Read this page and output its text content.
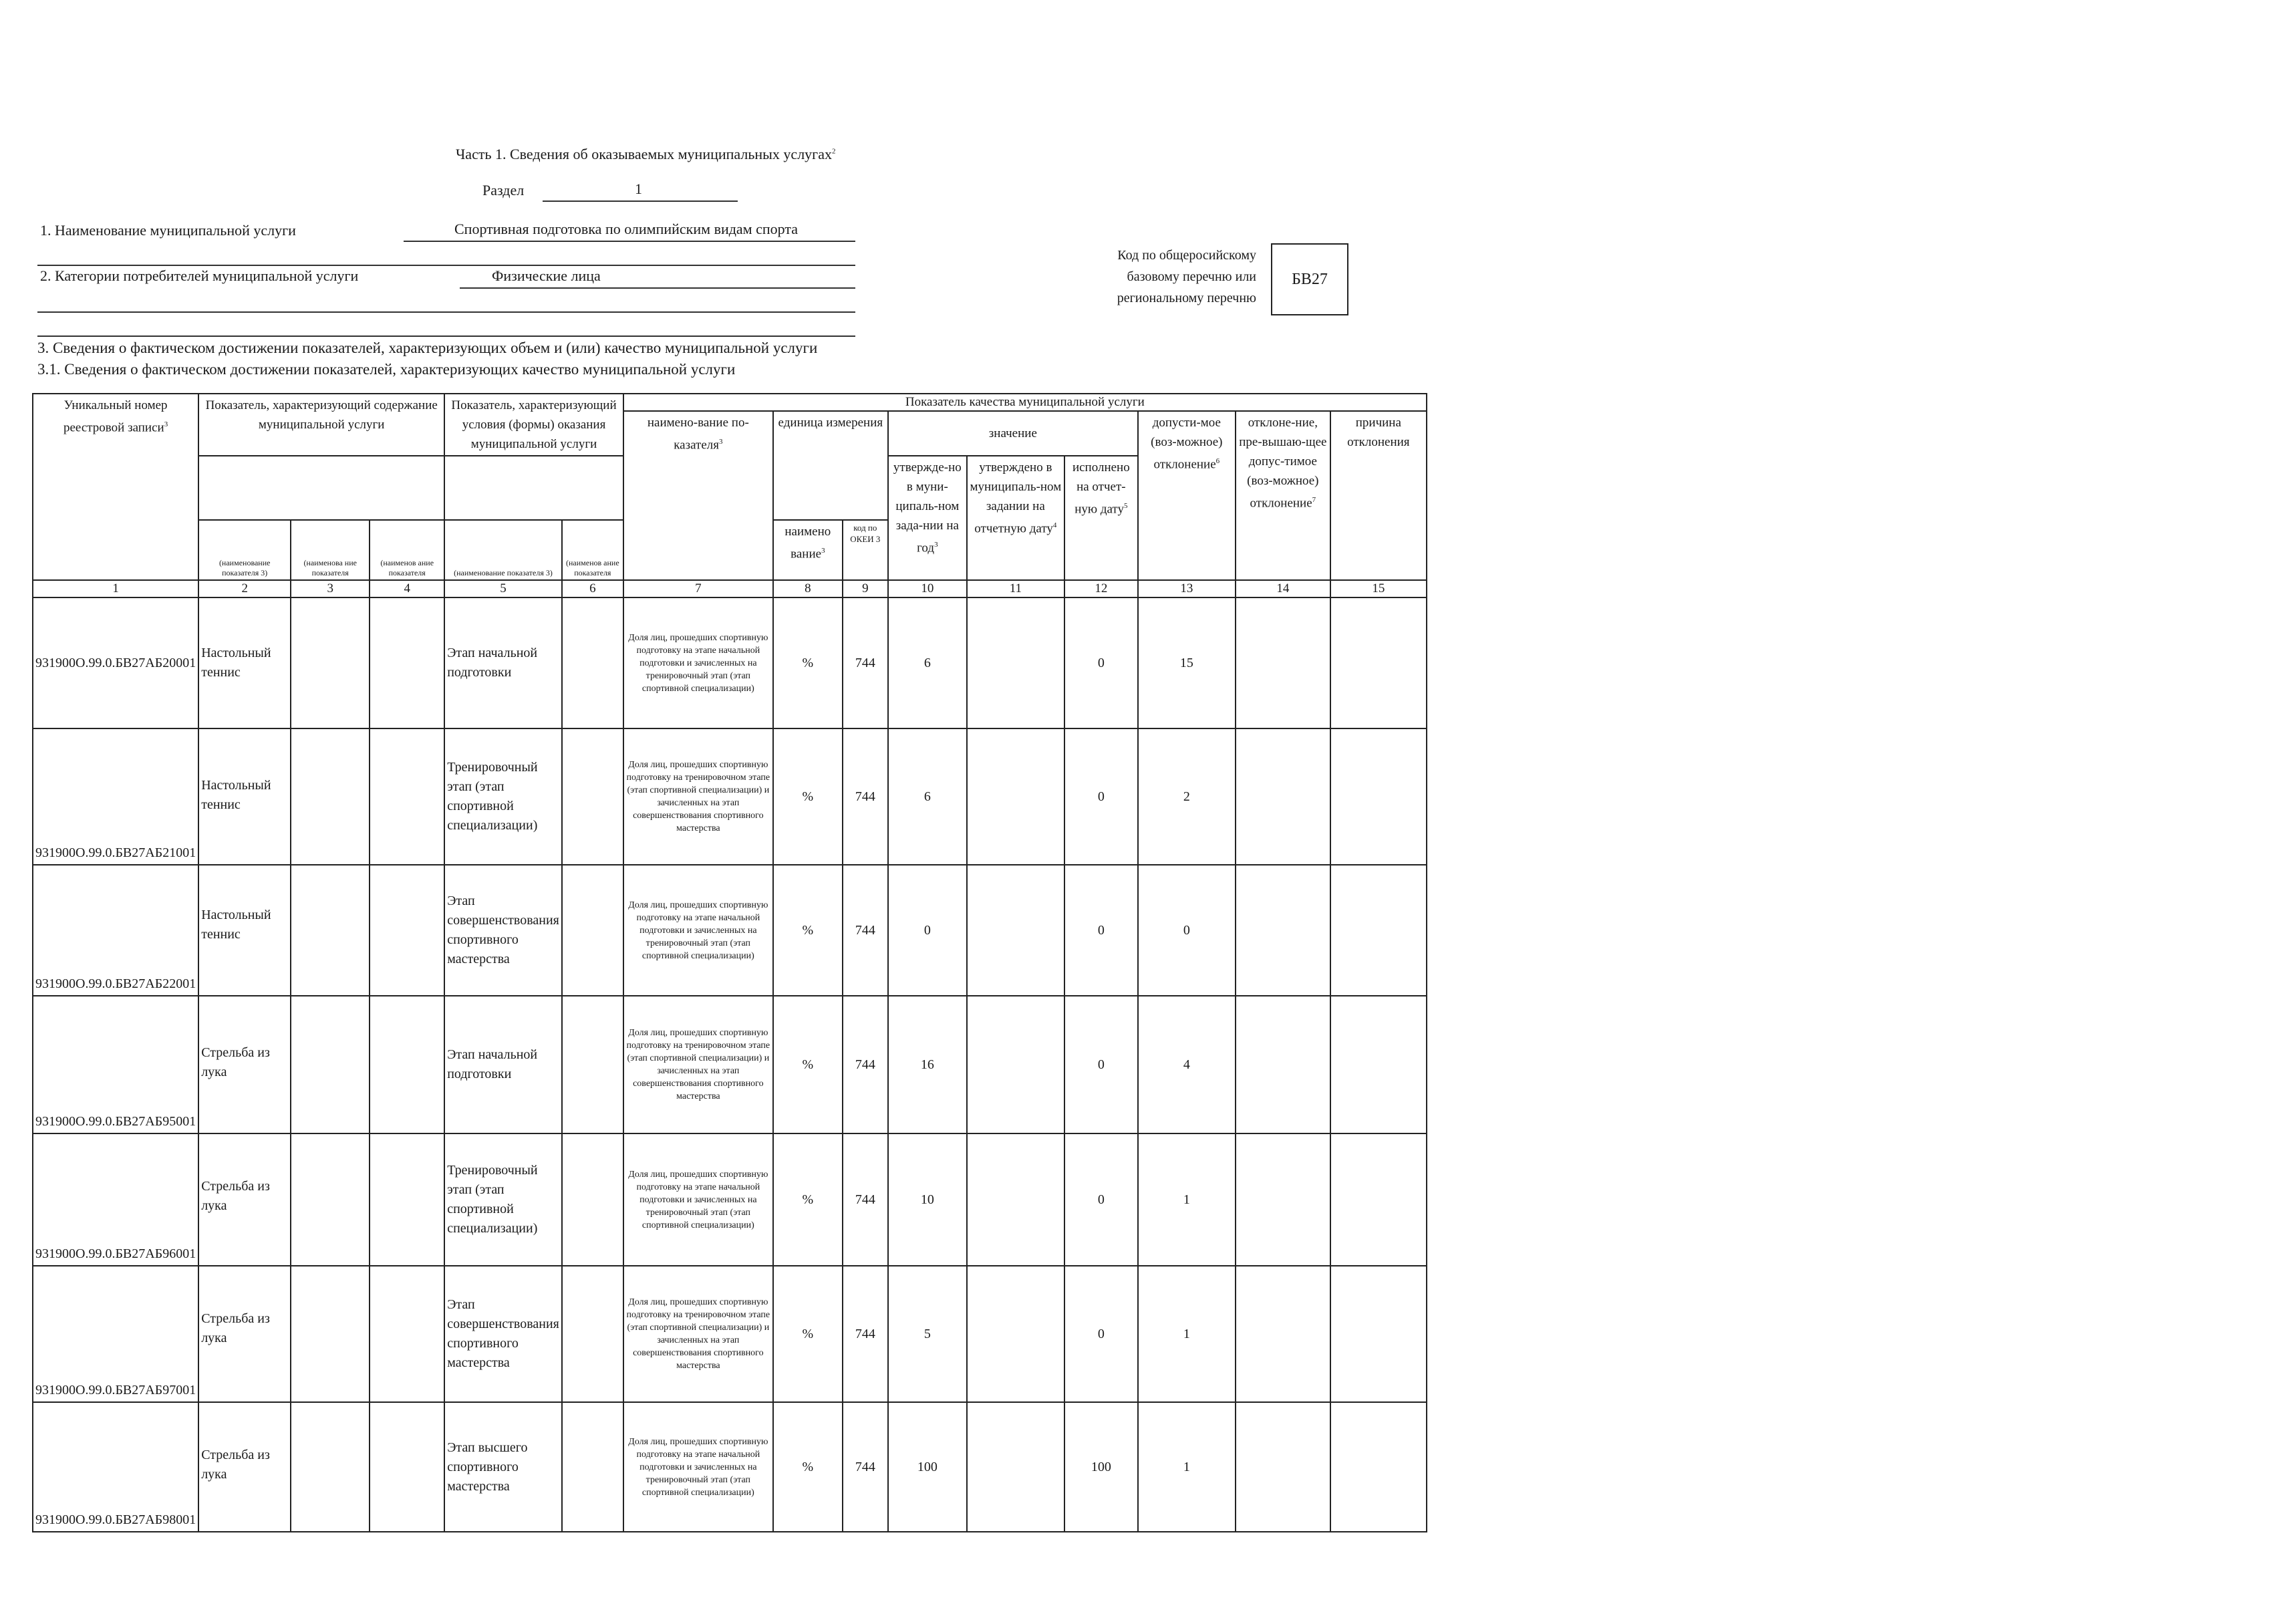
Часть 1. Сведения об оказываемых муниципальных услугах$^2$
Раздел	1
1. Наименование муниципальной услуги	Спортивная подготовка по олимпийским видам спорта
2. Категории потребителей муниципальной услуги	Физические лица
Код по общеросийскому
базовому перечню или
региональному перечню
БВ27
3. Сведения о фактическом достижении показателей, характеризующих объем и (или) качество муниципальной услуги
3.1. Сведения о фактическом достижении показателей, характеризующих качество муниципальной услуги
Уникальный номер реестровой записи$^3$	Показатель, характеризующий содержание муниципальной услуги			Показатель, характеризующий условия (формы) оказания муниципальной услуги		Показатель качества муниципальной услуги								
						наимено-вание по-казателя$^3$	единица измерения		значение			допусти-мое (воз-можное) отклонение$^6$	отклоне-ние, пре-вышаю-щее допус-тимое (воз-можное) отклонение$^7$	причина отклонения
									утвержде-но в муни-ципаль-ном зада-нии на год$^3$	утверждено в муниципаль-ном задании на отчетную дату$^4$	исполнено на отчет-ную дату$^5$
	(наименование показателя 3)	(наименова ние показателя	(наименов ание показателя	(наименование показателя 3)	(наименов ание показателя		наимено вание$^3$	код по ОКЕИ 3						
1	2	3	4	5	6	7	8	9	10	11	12	13	14	15
931900О.99.0.БВ27АБ20001	Настольный теннис			Этап начальной подготовки		Доля лиц, прошедших спортивную подготовку на этапе начальной подготовки и зачисленных на тренировочный этап (этап спортивной специализации)	%	744	6		0	15		
931900О.99.0.БВ27АБ21001	Настольный теннис			Тренировочный этап (этап спортивной специализации)		Доля лиц, прошедших спортивную подготовку на тренировочном этапе (этап спортивной специализации) и зачисленных на этап совершенствования спортивного мастерства	%	744	6		0	2		
931900О.99.0.БВ27АБ22001	Настольный теннис			Этап совершенствования спортивного мастерства		Доля лиц, прошедших спортивную подготовку на этапе начальной подготовки и зачисленных на тренировочный этап (этап спортивной специализации)	%	744	0		0	0		
931900О.99.0.БВ27АБ95001	Стрельба из лука			Этап начальной подготовки		Доля лиц, прошедших спортивную подготовку на тренировочном этапе (этап спортивной специализации) и зачисленных на этап совершенствования спортивного мастерства	%	744	16		0	4		
931900О.99.0.БВ27АБ96001	Стрельба из лука			Тренировочный этап (этап спортивной специализации)		Доля лиц, прошедших спортивную подготовку на этапе начальной подготовки и зачисленных на тренировочный этап (этап спортивной специализации)	%	744	10		0	1		
931900О.99.0.БВ27АБ97001	Стрельба из лука			Этап совершенствования спортивного мастерства		Доля лиц, прошедших спортивную подготовку на тренировочном этапе (этап спортивной специализации) и зачисленных на этап совершенствования спортивного мастерства	%	744	5		0	1		
931900О.99.0.БВ27АБ98001	Стрельба из лука			Этап высшего спортивного мастерства		Доля лиц, прошедших спортивную подготовку на этапе начальной подготовки и зачисленных на тренировочный этап (этап спортивной специализации)	%	744	100		100	1		
